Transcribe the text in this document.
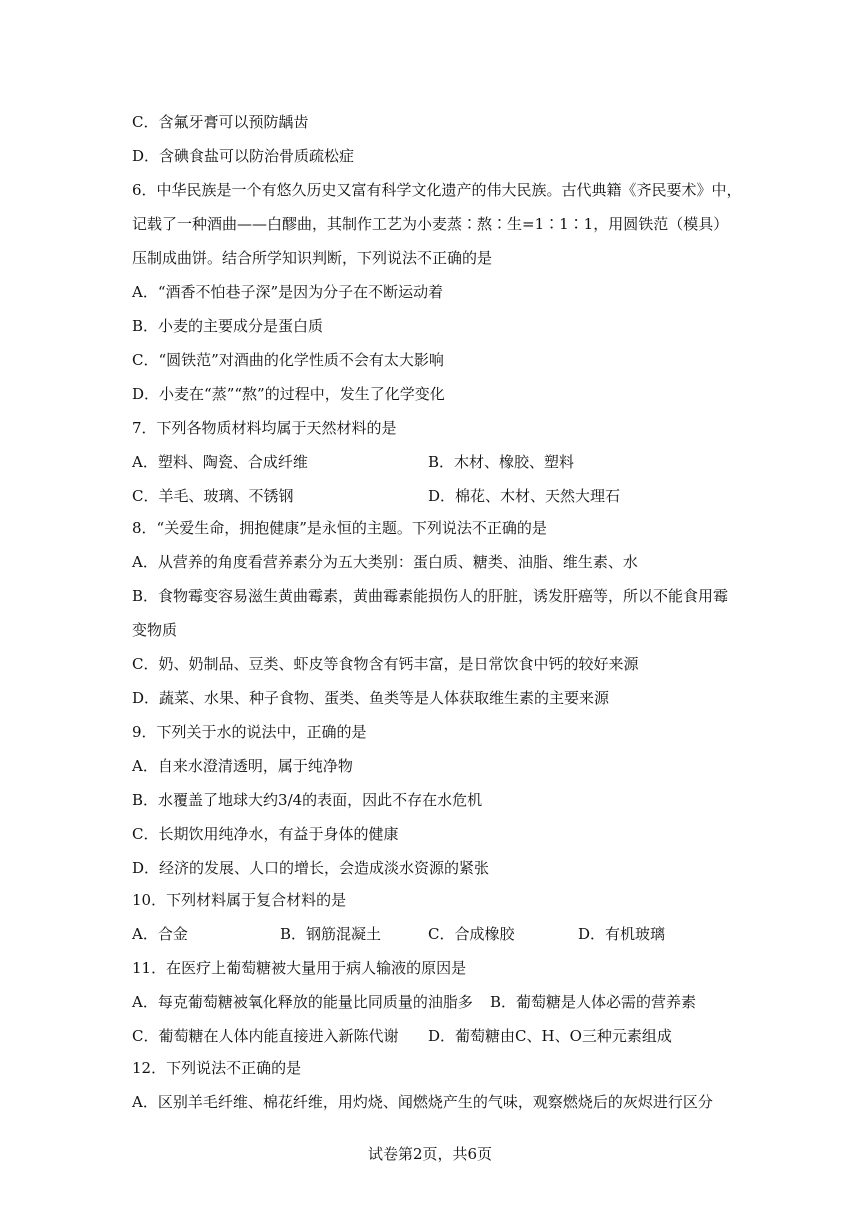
C．含氟牙膏可以预防龋齿
D．含碘食盐可以防治骨质疏松症
6．中华民族是一个有悠久历史又富有科学文化遗产的伟大民族。古代典籍《齐民要术》中，
记载了一种酒曲——白醪曲，其制作工艺为小麦蒸∶熬∶生=1∶1∶1，用圆铁范（模具）
压制成曲饼。结合所学知识判断，下列说法不正确的是
A．“酒香不怕巷子深”是因为分子在不断运动着
B．小麦的主要成分是蛋白质
C．“圆铁范”对酒曲的化学性质不会有太大影响
D．小麦在“蒸”“熬”的过程中，发生了化学变化
7．下列各物质材料均属于天然材料的是
A．塑料、陶瓷、合成纤维	B．木材、橡胶、塑料
C．羊毛、玻璃、不锈钢	D．棉花、木材、天然大理石
8．“关爱生命，拥抱健康”是永恒的主题。下列说法不正确的是
A．从营养的角度看营养素分为五大类别：蛋白质、糖类、油脂、维生素、水
B．食物霉变容易滋生黄曲霉素，黄曲霉素能损伤人的肝脏，诱发肝癌等，所以不能食用霉
变物质
C．奶、奶制品、豆类、虾皮等食物含有钙丰富，是日常饮食中钙的较好来源
D．蔬菜、水果、种子食物、蛋类、鱼类等是人体获取维生素的主要来源
9．下列关于水的说法中，正确的是
A．自来水澄清透明，属于纯净物
B．水覆盖了地球大约3/4的表面，因此不存在水危机
C．长期饮用纯净水，有益于身体的健康
D．经济的发展、人口的增长，会造成淡水资源的紧张
10．下列材料属于复合材料的是
A．合金	B．钢筋混凝土	C．合成橡胶	D．有机玻璃
11．在医疗上葡萄糖被大量用于病人输液的原因是
A．每克葡萄糖被氧化释放的能量比同质量的油脂多 B．葡萄糖是人体必需的营养素
C．葡萄糖在人体内能直接进入新陈代谢 D．葡萄糖由C、H、O三种元素组成
12．下列说法不正确的是
A．区别羊毛纤维、棉花纤维，用灼烧、闻燃烧产生的气味，观察燃烧后的灰烬进行区分
试卷第2页，共6页
